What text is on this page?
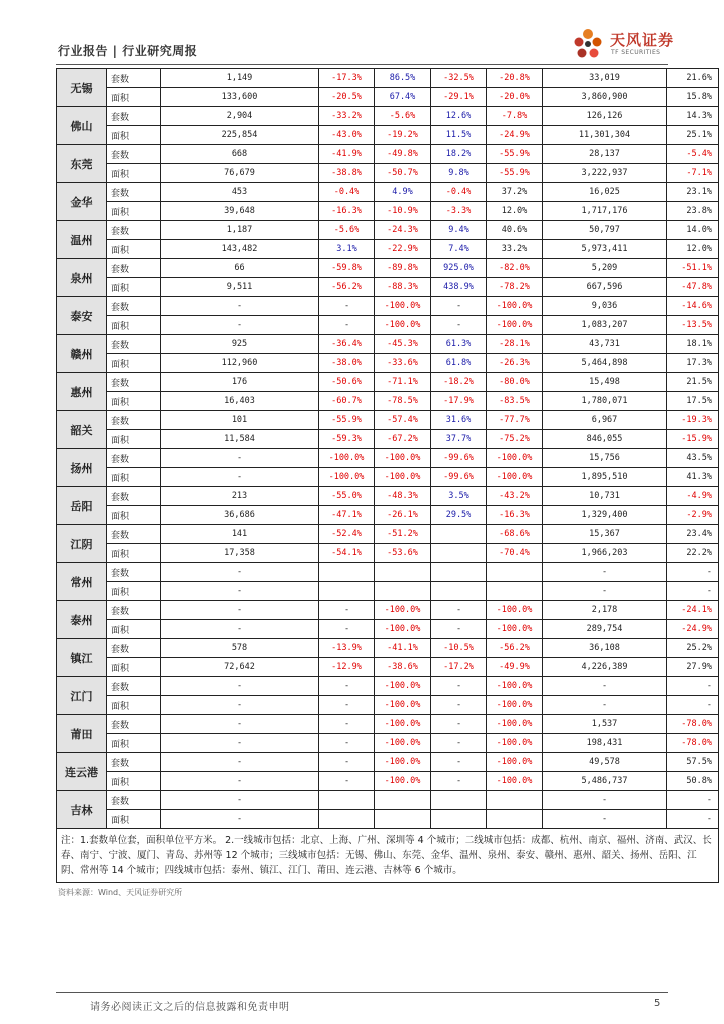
行业报告 | 行业研究周报
天风证券
TF SECURITIES
无锡	套数	1,149	-17.3%	86.5%	-32.5%	-20.8%	33,019	21.6%
	面积	133,600	-20.5%	67.4%	-29.1%	-20.0%	3,860,900	15.8%
佛山	套数	2,904	-33.2%	-5.6%	12.6%	-7.8%	126,126	14.3%
	面积	225,854	-43.0%	-19.2%	11.5%	-24.9%	11,301,304	25.1%
东莞	套数	668	-41.9%	-49.8%	18.2%	-55.9%	28,137	-5.4%
	面积	76,679	-38.8%	-50.7%	9.8%	-55.9%	3,222,937	-7.1%
金华	套数	453	-0.4%	4.9%	-0.4%	37.2%	16,025	23.1%
	面积	39,648	-16.3%	-10.9%	-3.3%	12.0%	1,717,176	23.8%
温州	套数	1,187	-5.6%	-24.3%	9.4%	40.6%	50,797	14.0%
	面积	143,482	3.1%	-22.9%	7.4%	33.2%	5,973,411	12.0%
泉州	套数	66	-59.8%	-89.8%	925.0%	-82.0%	5,209	-51.1%
	面积	9,511	-56.2%	-88.3%	438.9%	-78.2%	667,596	-47.8%
泰安	套数	-	-	-100.0%	-	-100.0%	9,036	-14.6%
	面积	-	-	-100.0%	-	-100.0%	1,083,207	-13.5%
赣州	套数	925	-36.4%	-45.3%	61.3%	-28.1%	43,731	18.1%
	面积	112,960	-38.0%	-33.6%	61.8%	-26.3%	5,464,898	17.3%
惠州	套数	176	-50.6%	-71.1%	-18.2%	-80.0%	15,498	21.5%
	面积	16,403	-60.7%	-78.5%	-17.9%	-83.5%	1,780,071	17.5%
韶关	套数	101	-55.9%	-57.4%	31.6%	-77.7%	6,967	-19.3%
	面积	11,584	-59.3%	-67.2%	37.7%	-75.2%	846,055	-15.9%
扬州	套数	-	-100.0%	-100.0%	-99.6%	-100.0%	15,756	43.5%
	面积	-	-100.0%	-100.0%	-99.6%	-100.0%	1,895,510	41.3%
岳阳	套数	213	-55.0%	-48.3%	3.5%	-43.2%	10,731	-4.9%
	面积	36,686	-47.1%	-26.1%	29.5%	-16.3%	1,329,400	-2.9%
江阴	套数	141	-52.4%	-51.2%		-68.6%	15,367	23.4%
	面积	17,358	-54.1%	-53.6%		-70.4%	1,966,203	22.2%
常州	套数	-					-	-
	面积	-					-	-
泰州	套数	-	-	-100.0%	-	-100.0%	2,178	-24.1%
	面积	-	-	-100.0%	-	-100.0%	289,754	-24.9%
镇江	套数	578	-13.9%	-41.1%	-10.5%	-56.2%	36,108	25.2%
	面积	72,642	-12.9%	-38.6%	-17.2%	-49.9%	4,226,389	27.9%
江门	套数	-	-	-100.0%	-	-100.0%	-	-
	面积	-	-	-100.0%	-	-100.0%	-	-
莆田	套数	-	-	-100.0%	-	-100.0%	1,537	-78.0%
	面积	-	-	-100.0%	-	-100.0%	198,431	-78.0%
连云港	套数	-	-	-100.0%	-	-100.0%	49,578	57.5%
	面积	-	-	-100.0%	-	-100.0%	5,486,737	50.8%
吉林	套数	-					-	-
	面积	-					-	-
注：1.套数单位套，面积单位平方米。 2.一线城市包括：北京、上海、广州、深圳等 4 个城市；二线城市包括：成都、杭州、南京、福州、济南、武汉、长春、南宁、宁波、厦门、青岛、苏州等 12 个城市；三线城市包括：无锡、佛山、东莞、金华、温州、泉州、泰安、赣州、惠州、韶关、扬州、岳阳、江阴、常州等 14 个城市；四线城市包括：泰州、镇江、江门、莆田、连云港、吉林等 6 个城市。								
资料来源：Wind、天风证券研究所
请务必阅读正文之后的信息披露和免责申明	5
